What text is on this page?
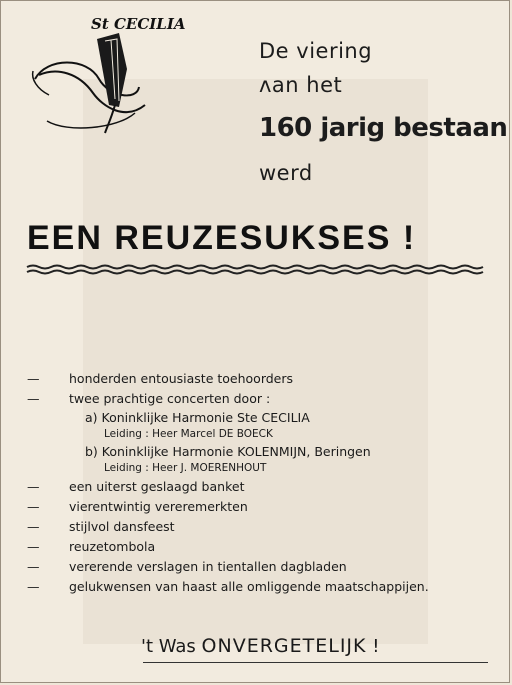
St CECILIA
De viering
ʌan het
160 jarig bestaan
werd
EEN REUZESUKSES !
— honderden entousiaste toehoorders
— twee prachtige concerten door :
a) Koninklijke Harmonie Ste CECILIA
Leiding : Heer Marcel DE BOECK
b) Koninklijke Harmonie KOLENMIJN, Beringen
Leiding : Heer J. MOERENHOUT
— een uiterst geslaagd banket
— vierentwintig vereremerkten
— stijlvol dansfeest
— reuzetombola
— vererende verslagen in tientallen dagbladen
— gelukwensen van haast alle omliggende maatschappijen.
't Was ONVERGETELIJK !
